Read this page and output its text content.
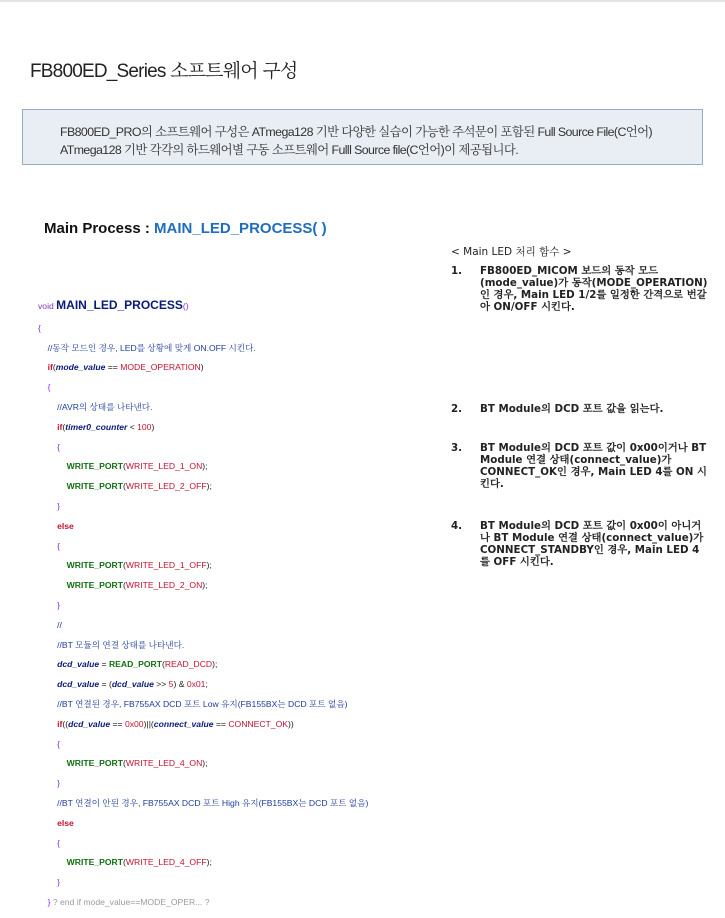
FB800ED_Series 소프트웨어 구성
FB800ED_PRO의 소프트웨어 구성은 ATmega128 기반 다양한 실습이 가능한 주석문이 포함된 Full Source File(C언어)
ATmega128 기반 각각의 하드웨어별 구동 소프트웨어 Fulll Source file(C언어)이 제공됩니다.
Main Process : MAIN_LED_PROCESS( )

void MAIN_LED_PROCESS()

{

//동작 모드인 경우, LED를 상황에 맞게 ON.OFF 시킨다.

if(mode_value == MODE_OPERATION)

{

//AVR의 상태를 나타낸다.

if(timer0_counter < 100)

{

WRITE_PORT(WRITE_LED_1_ON);

WRITE_PORT(WRITE_LED_2_OFF);

}

else

{

WRITE_PORT(WRITE_LED_1_OFF);

WRITE_PORT(WRITE_LED_2_ON);

}

//

//BT 모듈의 연결 상태를 나타낸다.

dcd_value = READ_PORT(READ_DCD);

dcd_value = (dcd_value >> 5) & 0x01;

//BT 연결된 경우, FB755AX DCD 포트 Low 유지(FB155BX는 DCD 포트 없음)

if((dcd_value == 0x00)||(connect_value == CONNECT_OK))

{

WRITE_PORT(WRITE_LED_4_ON);

}

//BT 연결이 안된 경우, FB755AX DCD 포트 High 유지(FB155BX는 DCD 포트 없음)

else

{

WRITE_PORT(WRITE_LED_4_OFF);

}

} ? end if mode_value==MODE_OPER... ?

< Main LED 처리 함수 >
1. FB800ED_MICOM 보드의 동작 모드(mode_value)가 동작(MODE_OPERATION) 인 경우, Main LED 1/2를 일정한 간격으로 번갈아 ON/OFF 시킨다.
2. BT Module의 DCD 포트 값을 읽는다.
3. BT Module의 DCD 포트 값이 0x00이거나 BT Module 연결 상태(connect_value)가 CONNECT_OK인 경우, Main LED 4를 ON 시킨다.
4. BT Module의 DCD 포트 값이 0x00이 아니거나 BT Module 연결 상태(connect_value)가 CONNECT_STANDBY인 경우, Main LED 4를 OFF 시킨다.
